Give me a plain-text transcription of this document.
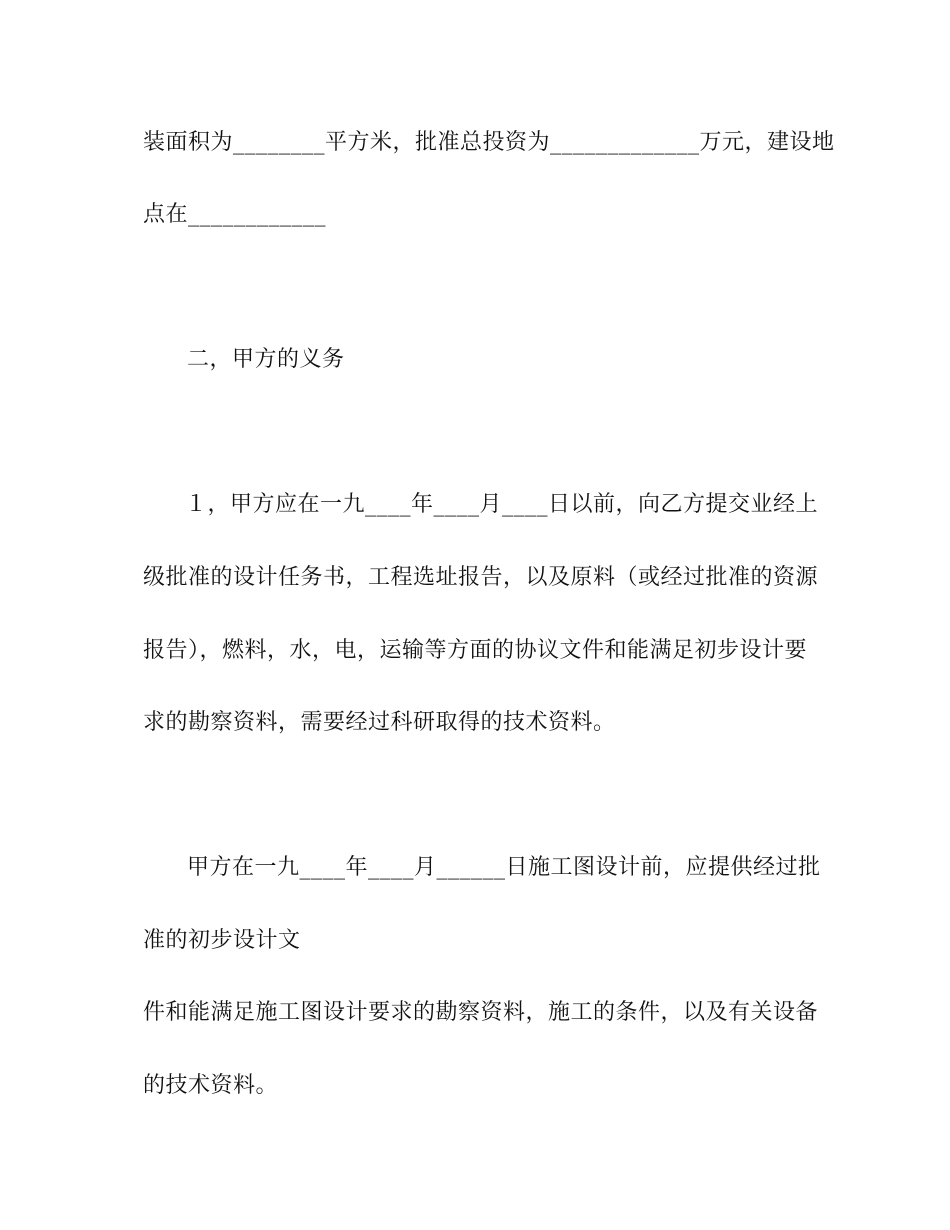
装面积为________平方米，批准总投资为_____________万元，建设地
点在____________
二，甲方的义务
１，甲方应在一九____年____月____日以前，向乙方提交业经上
级批准的设计任务书，工程选址报告，以及原料（或经过批准的资源
报告），燃料，水，电，运输等方面的协议文件和能满足初步设计要
求的勘察资料，需要经过科研取得的技术资料。
甲方在一九____年____月______日施工图设计前，应提供经过批
准的初步设计文
件和能满足施工图设计要求的勘察资料，施工的条件，以及有关设备
的技术资料。
